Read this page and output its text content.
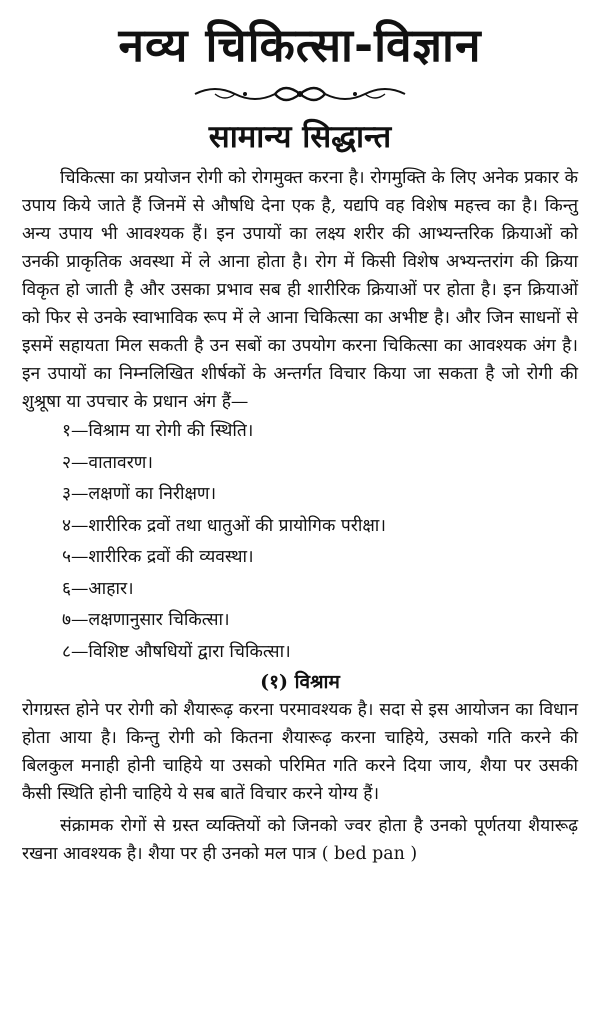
नव्य चिकित्सा-विज्ञान
सामान्य सिद्धान्त

चिकित्सा का प्रयोजन रोगी को रोगमुक्त करना है। रोगमुक्ति के लिए अनेक प्रकार के उपाय किये जाते हैं जिनमें से औषधि देना एक है, यद्यपि वह विशेष महत्त्व का है। किन्तु अन्य उपाय भी आवश्यक हैं। इन उपायों का लक्ष्य शरीर की आभ्यन्तरिक क्रियाओं को उनकी प्राकृतिक अवस्था में ले आना होता है। रोग में किसी विशेष अभ्यन्तरांग की क्रिया विकृत हो जाती है और उसका प्रभाव सब ही शारीरिक क्रियाओं पर होता है। इन क्रियाओं को फिर से उनके स्वाभाविक रूप में ले आना चिकित्सा का अभीष्ट है। और जिन साधनों से इसमें सहायता मिल सकती है उन सबों का उपयोग करना चिकित्सा का आवश्यक अंग है। इन उपायों का निम्नलिखित शीर्षकों के अन्तर्गत विचार किया जा सकता है जो रोगी की शुश्रूषा या उपचार के प्रधान अंग हैं—

१—विश्राम या रोगी की स्थिति।
२—वातावरण।
३—लक्षणों का निरीक्षण।
४—शारीरिक द्रवों तथा धातुओं की प्रायोगिक परीक्षा।
५—शारीरिक द्रवों की व्यवस्था।
६—आहार।
७—लक्षणानुसार चिकित्सा।
८—विशिष्ट औषधियों द्वारा चिकित्सा।
(१) विश्राम

रोगग्रस्त होने पर रोगी को शैयारूढ़ करना परमावश्यक है। सदा से इस आयोजन का विधान होता आया है। किन्तु रोगी को कितना शैयारूढ़ करना चाहिये, उसको गति करने की बिलकुल मनाही होनी चाहिये या उसको परिमित गति करने दिया जाय, शैया पर उसकी कैसी स्थिति होनी चाहिये ये सब बातें विचार करने योग्य हैं।

संक्रामक रोगों से ग्रस्त व्यक्तियों को जिनको ज्वर होता है उनको पूर्णतया शैयारूढ़ रखना आवश्यक है। शैया पर ही उनको मल पात्र ( bed pan )
